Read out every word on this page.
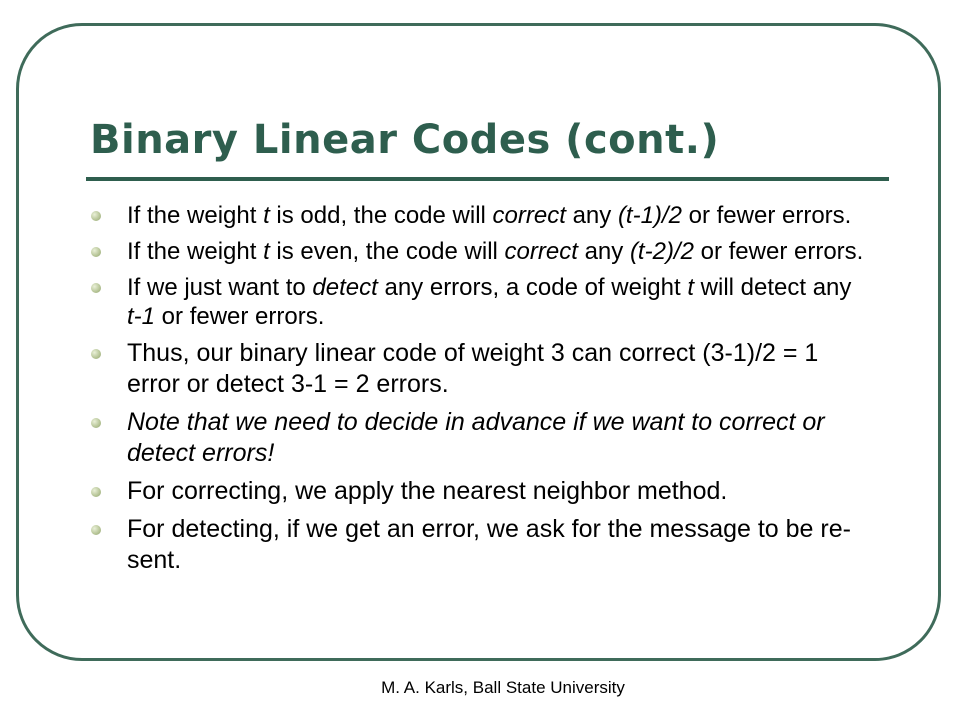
Binary Linear Codes (cont.)
If the weight t is odd, the code will correct any (t-1)/2 or fewer errors.
If the weight t is even, the code will correct any (t-2)/2 or fewer errors.
If we just want to detect any errors, a code of weight t will detect any t-1 or fewer errors.
Thus, our binary linear code of weight 3 can correct (3-1)/2 = 1 error or detect 3-1 = 2 errors.
Note that we need to decide in advance if we want to correct or detect errors!
For correcting, we apply the nearest neighbor method.
For detecting, if we get an error, we ask for the message to be re-sent.
M. A. Karls, Ball State University
